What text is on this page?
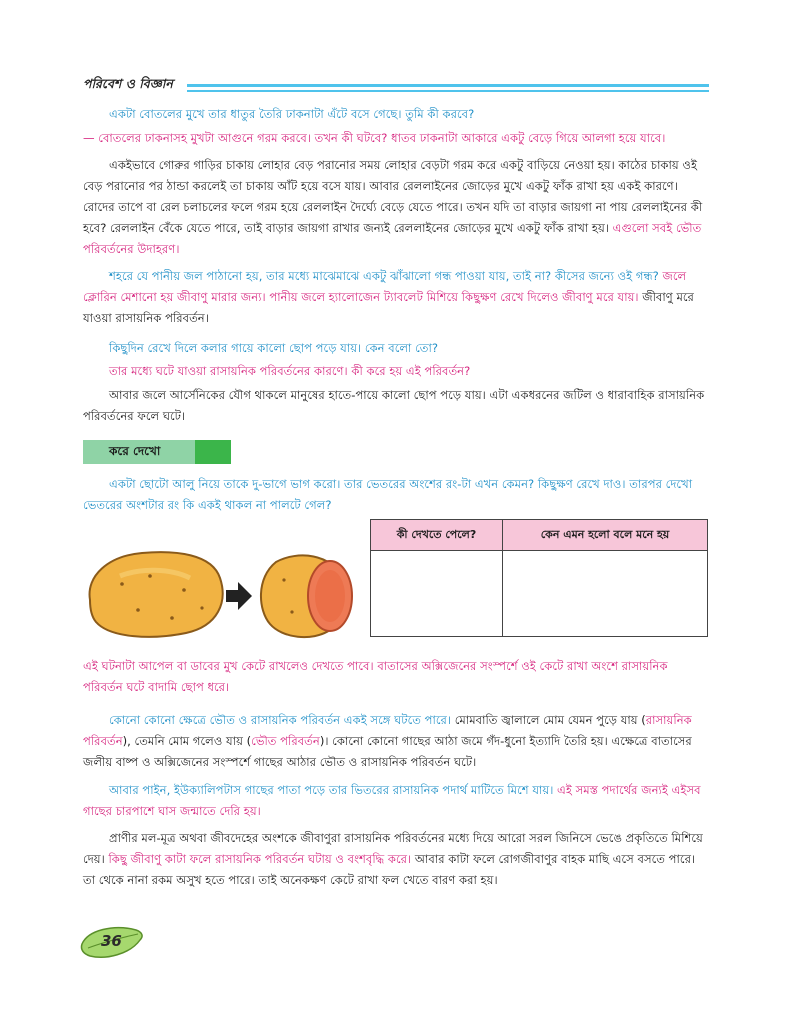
পরিবেশ ও বিজ্ঞান

একটা বোতলের মুখে তার ধাতুর তৈরি ঢাকনাটা এঁটে বসে গেছে। তুমি কী করবে?

— বোতলের ঢাকনাসহ মুখটা আগুনে গরম করবে। তখন কী ঘটবে? ধাতব ঢাকনাটা আকারে একটু বেড়ে গিয়ে আলগা হয়ে যাবে।

একইভাবে গোরুর গাড়ির চাকায় লোহার বেড় পরানোর সময় লোহার বেড়টা গরম করে একটু বাড়িয়ে নেওয়া হয়। কাঠের চাকায় ওই বেড় পরানোর পর ঠান্ডা করলেই তা চাকায় আঁট হয়ে বসে যায়। আবার রেললাইনের জোড়ের মুখে একটু ফাঁক রাখা হয় একই কারণে। রোদের তাপে বা রেল চলাচলের ফলে গরম হয়ে রেললাইন দৈর্ঘ্যে বেড়ে যেতে পারে। তখন যদি তা বাড়ার জায়গা না পায় রেললাইনের কী হবে? রেললাইন বেঁকে যেতে পারে, তাই বাড়ার জায়গা রাখার জন্যই রেললাইনের জোড়ের মুখে একটু ফাঁক রাখা হয়। এগুলো সবই ভৌত পরিবর্তনের উদাহরণ।

শহরে যে পানীয় জল পাঠানো হয়, তার মধ্যে মাঝেমাঝে একটু ঝাঁঝালো গন্ধ পাওয়া যায়, তাই না? কীসের জন্যে ওই গন্ধ? জলে ক্লোরিন মেশানো হয় জীবাণু মারার জন্য। পানীয় জলে হ্যালোজেন ট্যাবলেট মিশিয়ে কিছুক্ষণ রেখে দিলেও জীবাণু মরে যায়। জীবাণু মরে যাওয়া রাসায়নিক পরিবর্তন।

কিছুদিন রেখে দিলে কলার গায়ে কালো ছোপ পড়ে যায়। কেন বলো তো?

তার মধ্যে ঘটে যাওয়া রাসায়নিক পরিবর্তনের কারণে। কী করে হয় এই পরিবর্তন?

আবার জলে আর্সেনিকের যৌগ থাকলে মানুষের হাতে-পায়ে কালো ছোপ পড়ে যায়। এটা একধরনের জটিল ও ধারাবাহিক রাসায়নিক পরিবর্তনের ফলে ঘটে।

করে দেখো

একটা ছোটো আলু নিয়ে তাকে দু-ভাগে ভাগ করো। তার ভেতরের অংশের রং-টা এখন কেমন? কিছুক্ষণ রেখে দাও। তারপর দেখো ভেতরের অংশটার রং কি একই থাকল না পালটে গেল?

কী দেখতে পেলে?	কেন এমন হলো বলে মনে হয়

এই ঘটনাটা আপেল বা ডাবের মুখ কেটে রাখলেও দেখতে পাবে। বাতাসের অক্সিজেনের সংস্পর্শে ওই কেটে রাখা অংশে রাসায়নিক পরিবর্তন ঘটে বাদামি ছোপ ধরে।

কোনো কোনো ক্ষেত্রে ভৌত ও রাসায়নিক পরিবর্তন একই সঙ্গে ঘটতে পারে। মোমবাতি জ্বালালে মোম যেমন পুড়ে যায় (রাসায়নিক পরিবর্তন), তেমনি মোম গলেও যায় (ভৌত পরিবর্তন)। কোনো কোনো গাছের আঠা জমে গঁদ-ধুনো ইত্যাদি তৈরি হয়। এক্ষেত্রে বাতাসের জলীয় বাষ্প ও অক্সিজেনের সংস্পর্শে গাছের আঠার ভৌত ও রাসায়নিক পরিবর্তন ঘটে।

আবার পাইন, ইউক্যালিপটাস গাছের পাতা পড়ে তার ভিতরের রাসায়নিক পদার্থ মাটিতে মিশে যায়। এই সমস্ত পদার্থের জন্যই এইসব গাছের চারপাশে ঘাস জন্মাতে দেরি হয়।

প্রাণীর মল-মূত্র অথবা জীবদেহের অংশকে জীবাণুরা রাসায়নিক পরিবর্তনের মধ্যে দিয়ে আরো সরল জিনিসে ভেঙে প্রকৃতিতে মিশিয়ে দেয়। কিছু জীবাণু কাটা ফলে রাসায়নিক পরিবর্তন ঘটায় ও বংশবৃদ্ধি করে। আবার কাটা ফলে রোগজীবাণুর বাহক মাছি এসে বসতে পারে। তা থেকে নানা রকম অসুখ হতে পারে। তাই অনেকক্ষণ কেটে রাখা ফল খেতে বারণ করা হয়।

36
